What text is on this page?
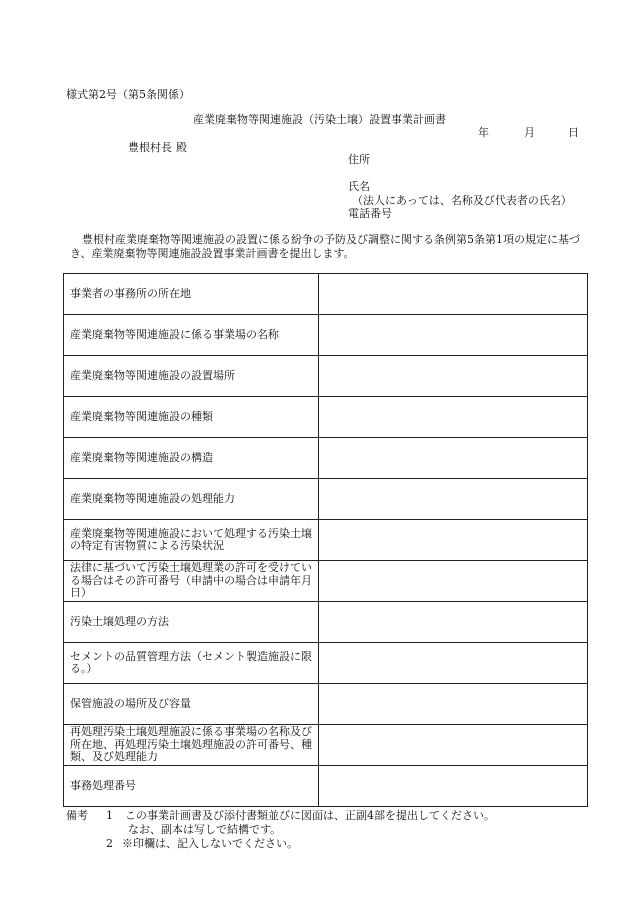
様式第2号（第5条関係）
産業廃棄物等関連施設（汚染土壌）設置事業計画書
年	月	日
豊根村長 殿
住所
氏名
（法人にあっては、名称及び代表者の氏名）
電話番号
豊根村産業廃棄物等関連施設の設置に係る紛争の予防及び調整に関する条例第5条第1項の規定に基づき、産業廃棄物等関連施設設置事業計画書を提出します。
事業者の事務所の所在地	
産業廃棄物等関連施設に係る事業場の名称	
産業廃棄物等関連施設の設置場所	
産業廃棄物等関連施設の種類	
産業廃棄物等関連施設の構造	
産業廃棄物等関連施設の処理能力	
産業廃棄物等関連施設において処理する汚染土壌の特定有害物質による汚染状況	
法律に基づいて汚染土壌処理業の許可を受けている場合はその許可番号（申請中の場合は申請年月日）	
汚染土壌処理の方法	
セメントの品質管理方法（セメント製造施設に限る。）	
保管施設の場所及び容量	
再処理汚染土壌処理施設に係る事業場の名称及び所在地、再処理汚染土壌処理施設の許可番号、種類、及び処理能力	
事務処理番号	
備考 1 この事業計画書及び添付書類並びに図面は、正副4部を提出してください。
なお、副本は写しで結構です。
2 ※印欄は、記入しないでください。
